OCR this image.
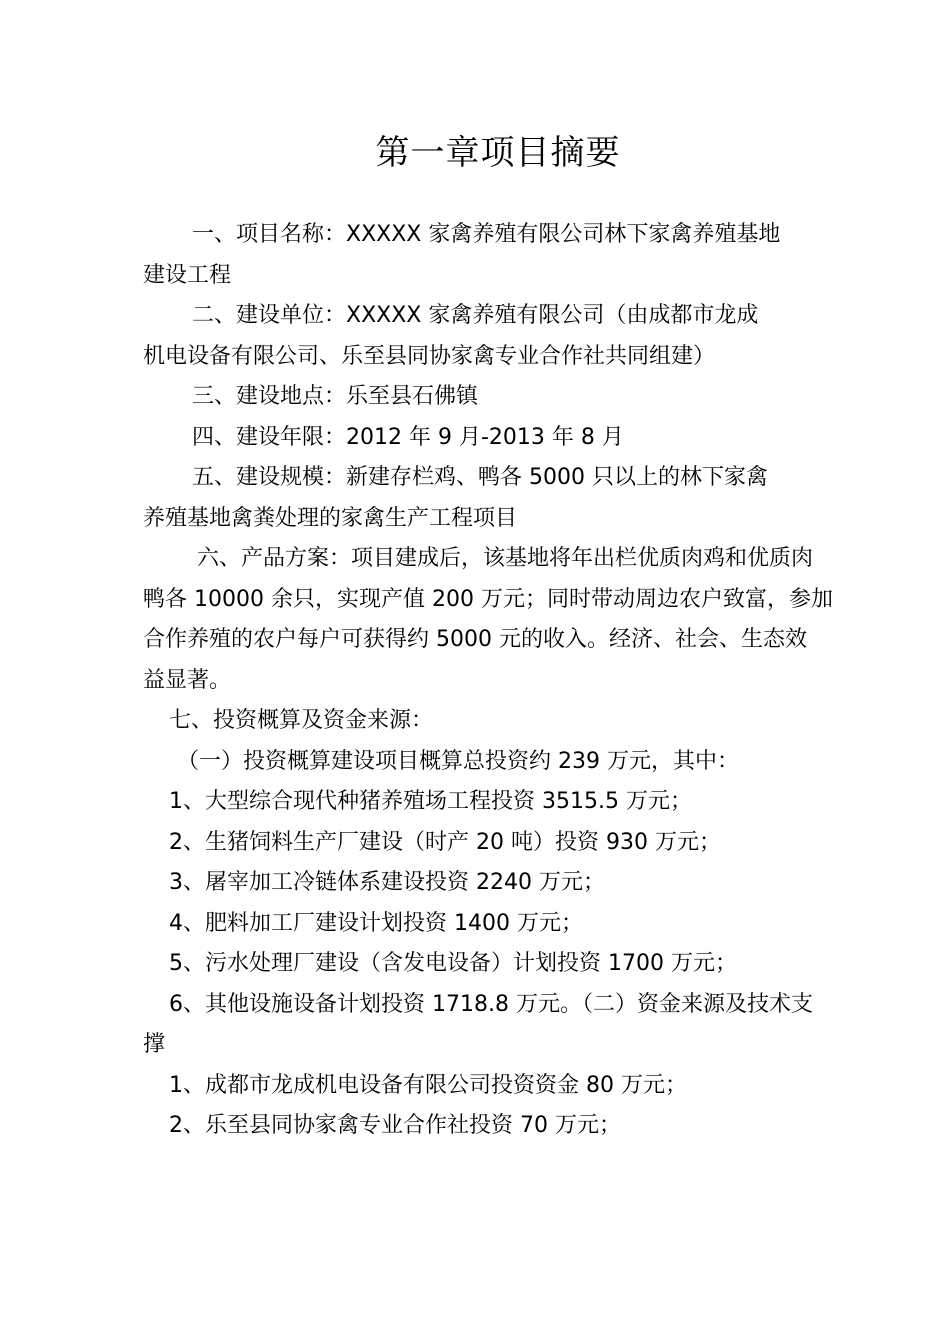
第一章项目摘要
一、项目名称：XXXXX 家禽养殖有限公司林下家禽养殖基地
建设工程
二、建设单位：XXXXX 家禽养殖有限公司（由成都市龙成
机电设备有限公司、乐至县同协家禽专业合作社共同组建）
三、建设地点：乐至县石佛镇
四、建设年限：2012 年 9 月-2013 年 8 月
五、建设规模：新建存栏鸡、鸭各 5000 只以上的林下家禽
养殖基地禽粪处理的家禽生产工程项目
六、产品方案：项目建成后，该基地将年出栏优质肉鸡和优质肉
鸭各 10000 余只，实现产值 200 万元；同时带动周边农户致富，参加
合作养殖的农户每户可获得约 5000 元的收入。经济、社会、生态效
益显著。
七、投资概算及资金来源：
（一）投资概算建设项目概算总投资约 239 万元，其中：
1、大型综合现代种猪养殖场工程投资 3515.5 万元；
2、生猪饲料生产厂建设（时产 20 吨）投资 930 万元；
3、屠宰加工冷链体系建设投资 2240 万元；
4、肥料加工厂建设计划投资 1400 万元；
5、污水处理厂建设（含发电设备）计划投资 1700 万元；
6、其他设施设备计划投资 1718.8 万元。（二）资金来源及技术支
撑
1、成都市龙成机电设备有限公司投资资金 80 万元；
2、乐至县同协家禽专业合作社投资 70 万元；
